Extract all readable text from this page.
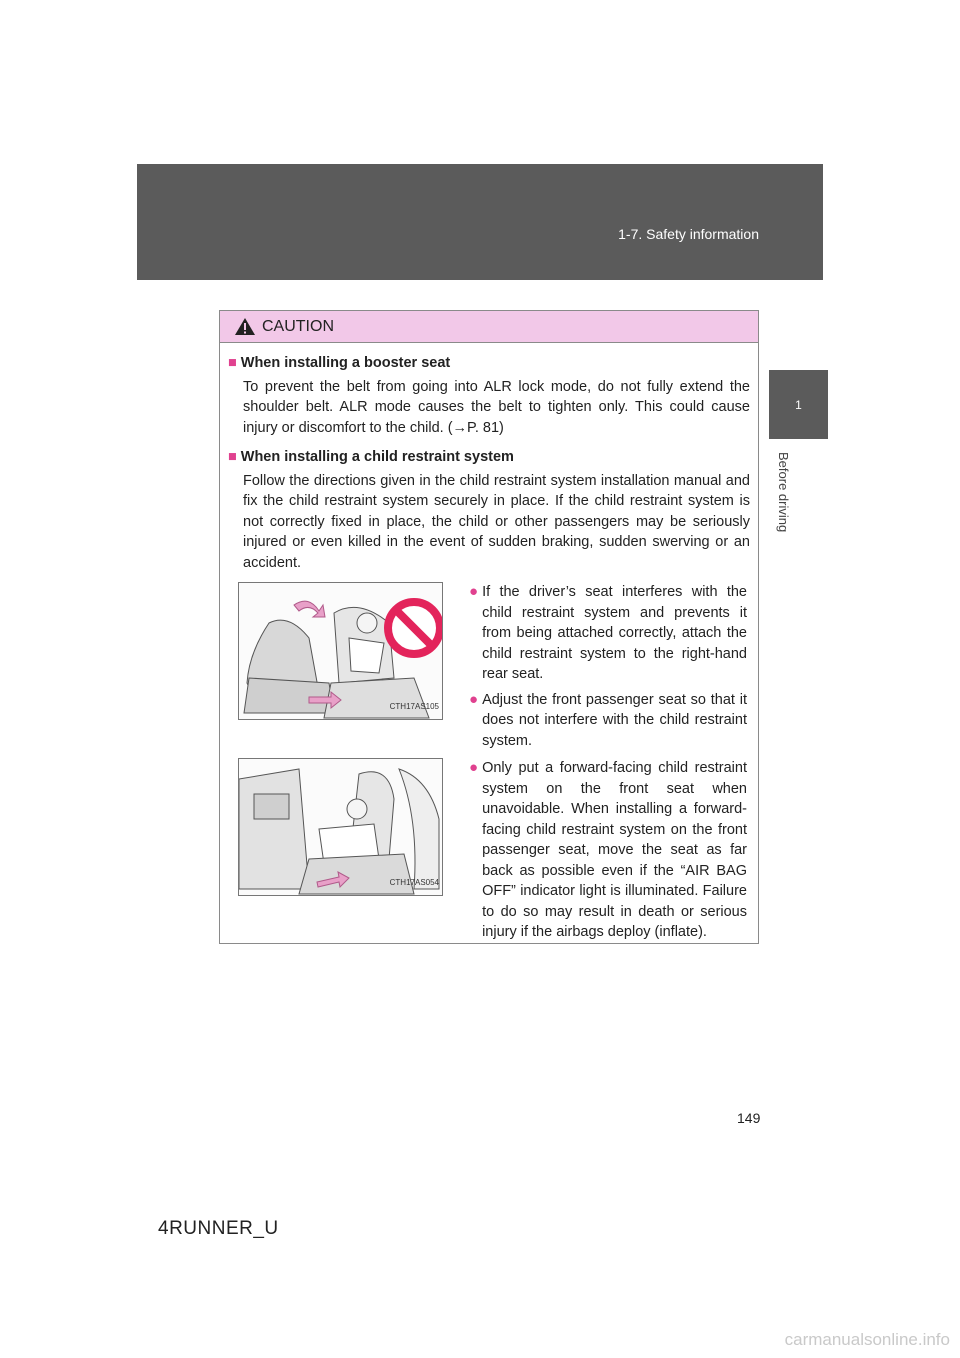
1-7. Safety information
1
Before driving
CAUTION
■ When installing a booster seat
To prevent the belt from going into ALR lock mode, do not fully extend the shoulder belt. ALR mode causes the belt to tighten only. This could cause injury or discomfort to the child. (→P. 81)
■ When installing a child restraint system
Follow the directions given in the child restraint system installation manual and fix the child restraint system securely in place. If the child restraint system is not correctly fixed in place, the child or other passengers may be seriously injured or even killed in the event of sudden braking, sudden swerving or an accident.
CTH17AS105
● If the driver’s seat interferes with the child restraint system and prevents it from being attached correctly, attach the child restraint system to the right-hand rear seat.
● Adjust the front passenger seat so that it does not interfere with the child restraint system.
CTH17AS054
● Only put a forward-facing child restraint system on the front seat when unavoidable. When installing a forward-facing child restraint system on the front passenger seat, move the seat as far back as possible even if the “AIR BAG OFF” indicator light is illuminated. Failure to do so may result in death or serious injury if the airbags deploy (inflate).
149
4RUNNER_U
carmanualsonline.info
